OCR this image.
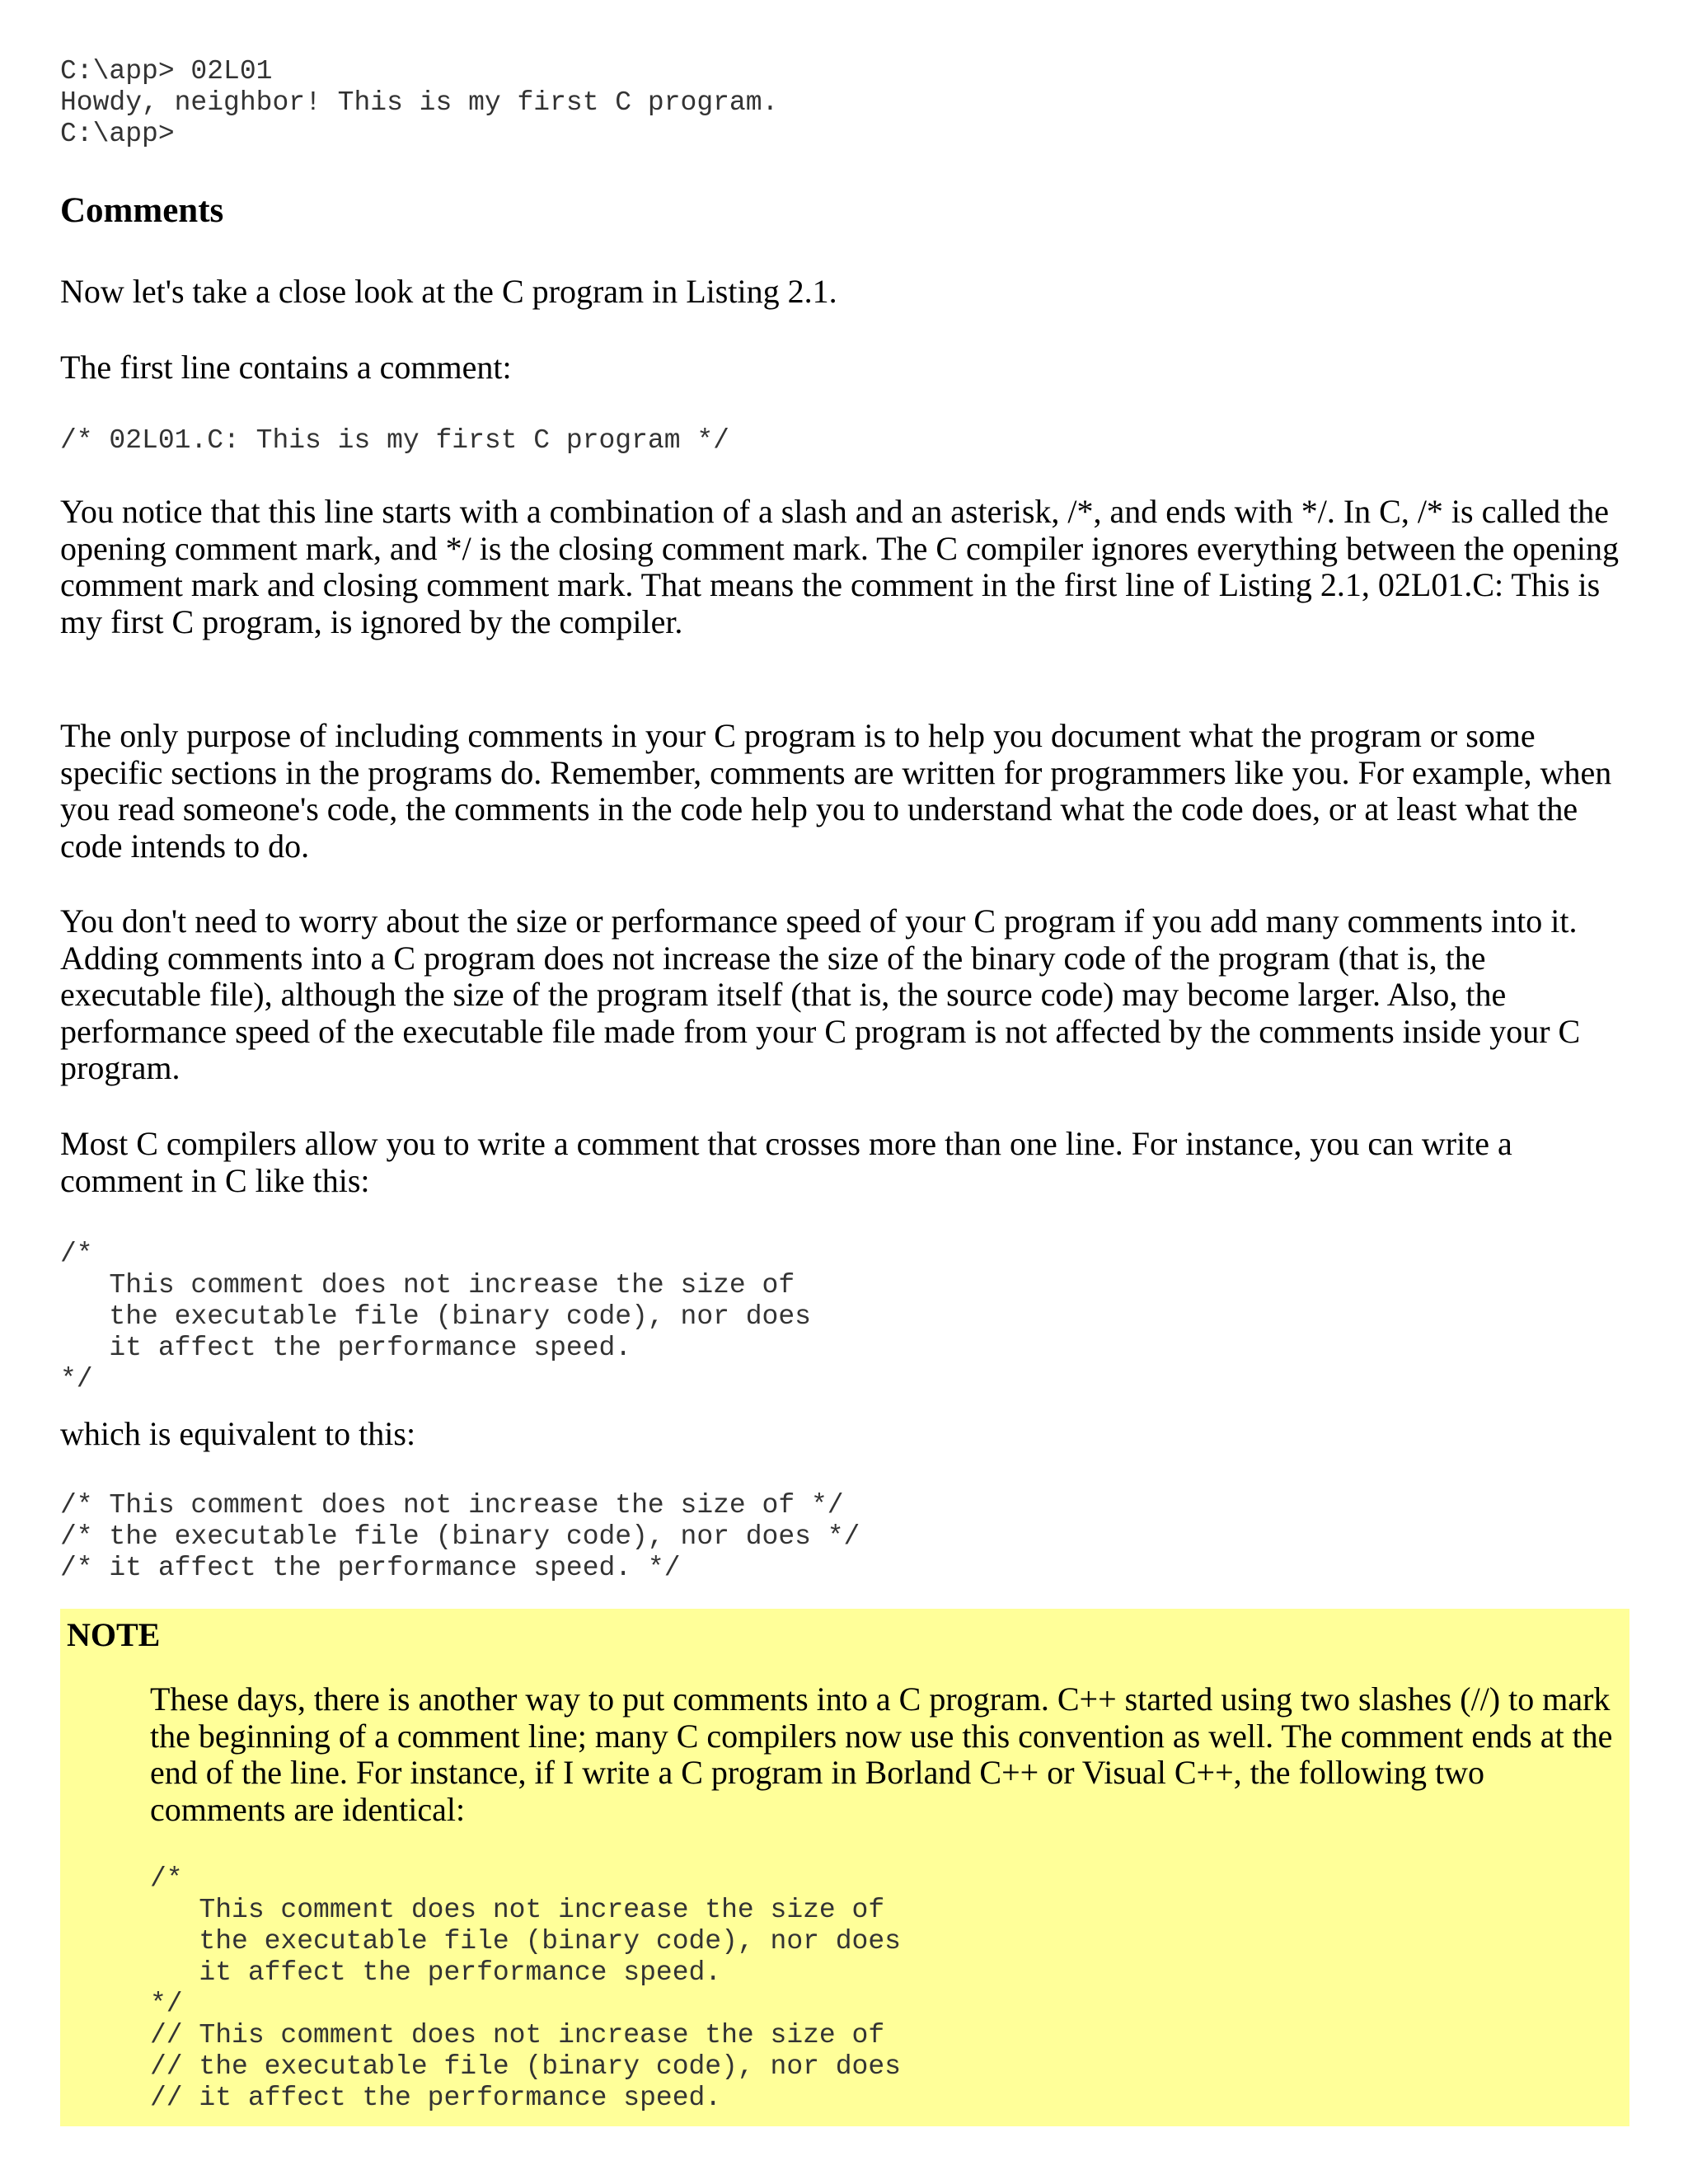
C:\app> 02L01
Howdy, neighbor! This is my first C program.
C:\app>
Comments

Now let's take a close look at the C program in Listing 2.1.

The first line contains a comment:

/* 02L01.C: This is my first C program */

You notice that this line starts with a combination of a slash and an asterisk, /*, and ends with */. In C, /* is called the opening comment mark, and */ is the closing comment mark. The C compiler ignores everything between the opening comment mark and closing comment mark. That means the comment in the first line of Listing 2.1, 02L01.C: This is my first C program, is ignored by the compiler.

The only purpose of including comments in your C program is to help you document what the program or some specific sections in the programs do. Remember, comments are written for programmers like you. For example, when you read someone's code, the comments in the code help you to understand what the code does, or at least what the code intends to do.

You don't need to worry about the size or performance speed of your C program if you add many comments into it. Adding comments into a C program does not increase the size of the binary code of the program (that is, the executable file), although the size of the program itself (that is, the source code) may become larger. Also, the performance speed of the executable file made from your C program is not affected by the comments inside your C program.

Most C compilers allow you to write a comment that crosses more than one line. For instance, you can write a comment in C like this:

/*
This comment does not increase the size of
the executable file (binary code), nor does
it affect the performance speed.
*/

which is equivalent to this:

/* This comment does not increase the size of */
/* the executable file (binary code), nor does */
/* it affect the performance speed. */
NOTE

These days, there is another way to put comments into a C program. C++ started using two slashes (//) to mark the beginning of a comment line; many C compilers now use this convention as well. The comment ends at the end of the line. For instance, if I write a C program in Borland C++ or Visual C++, the following two comments are identical:

/*
This comment does not increase the size of
the executable file (binary code), nor does
it affect the performance speed.
*/
// This comment does not increase the size of
// the executable file (binary code), nor does
// it affect the performance speed.
